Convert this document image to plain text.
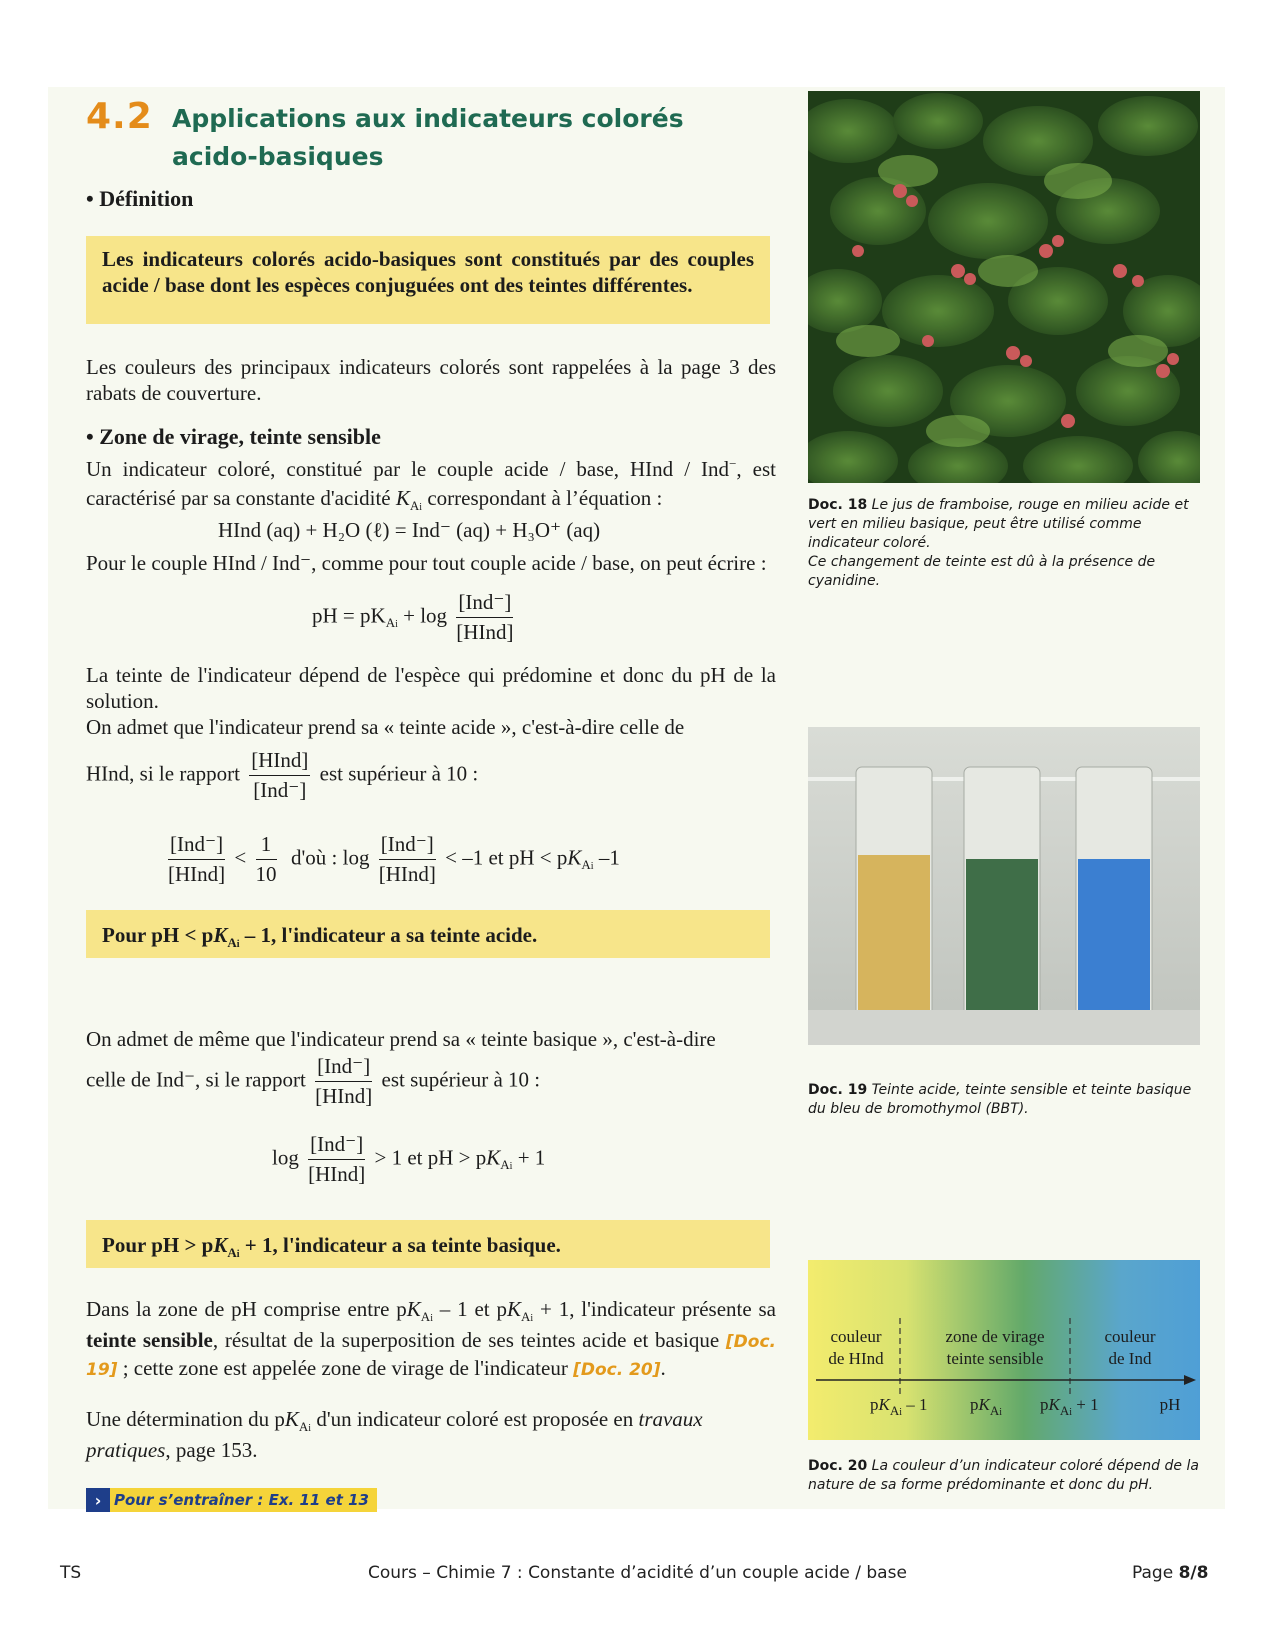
4.2 Applications aux indicateurs colorés
acido-basiques
• Définition
Les indicateurs colorés acido-basiques sont constitués par des couples acide / base dont les espèces conjuguées ont des teintes différentes.
Les couleurs des principaux indicateurs colorés sont rappelées à la page 3 des rabats de couverture.
• Zone de virage, teinte sensible
Un indicateur coloré, constitué par le couple acide / base, HInd / Ind−, est caractérisé par sa constante d'acidité $K_{Ai}$ correspondant à l’équation :
HInd (aq) + H₂O (ℓ) = Ind⁻ (aq) + H₃O⁺ (aq)
Pour le couple HInd / Ind⁻, comme pour tout couple acide / base, on peut écrire :
pH = $pK_{Ai} + \log \frac{\text{[Ind⁻]}}{\text{[HInd]}}$
La teinte de l'indicateur dépend de l'espèce qui prédomine et donc du pH de la solution.
On admet que l'indicateur prend sa « teinte acide », c'est-à-dire celle de
HInd, si le rapport $\frac{\text{[HInd]}}{\text{[Ind⁻]}}$ est supérieur à 10 :
$\frac{\text{[Ind⁻]}}{\text{[HInd]}} < \frac{1}{10}$ d'où : $\log \frac{\text{[Ind⁻]}}{\text{[HInd]}} < -1$ et pH < $pK_{Ai}$ –1
Pour pH < $pK_{Ai} - 1$, l'indicateur a sa teinte acide.
On admet de même que l'indicateur prend sa « teinte basique », c'est-à-dire
celle de Ind⁻, si le rapport $\frac{\text{[Ind⁻]}}{\text{[HInd]}}$ est supérieur à 10 :
$\log \frac{\text{[Ind⁻]}}{\text{[HInd]}} > 1$ et pH > $pK_{Ai} + 1$
Pour pH > $pK_{Ai} + 1$, l'indicateur a sa teinte basique.
Dans la zone de pH comprise entre $pK_{Ai} - 1$ et $pK_{Ai} + 1$, l'indicateur présente sa teinte sensible, résultat de la superposition de ses teintes acide et basique [Doc. 19] ; cette zone est appelée zone de virage de l'indicateur [Doc. 20].
Une détermination du $pK_{Ai}$ d'un indicateur coloré est proposée en travaux pratiques, page 153.
› Pour s’entraîner : Ex. 11 et 13
Doc. 18 Le jus de framboise, rouge en milieu acide et vert en milieu basique, peut être utilisé comme indicateur coloré.
Ce changement de teinte est dû à la présence de cyanidine.
Doc. 19 Teinte acide, teinte sensible et teinte basique du bleu de bromothymol (BBT).
couleur
de HInd
zone de virage
teinte sensible
couleur
de Ind
$pK_{Ai} - 1$	$pK_{Ai}$	$pK_{Ai} + 1$	pH
Doc. 20 La couleur d’un indicateur coloré dépend de la nature de sa forme prédominante et donc du pH.
TS	Cours – Chimie 7 : Constante d’acidité d’un couple acide / base	Page 8/8
